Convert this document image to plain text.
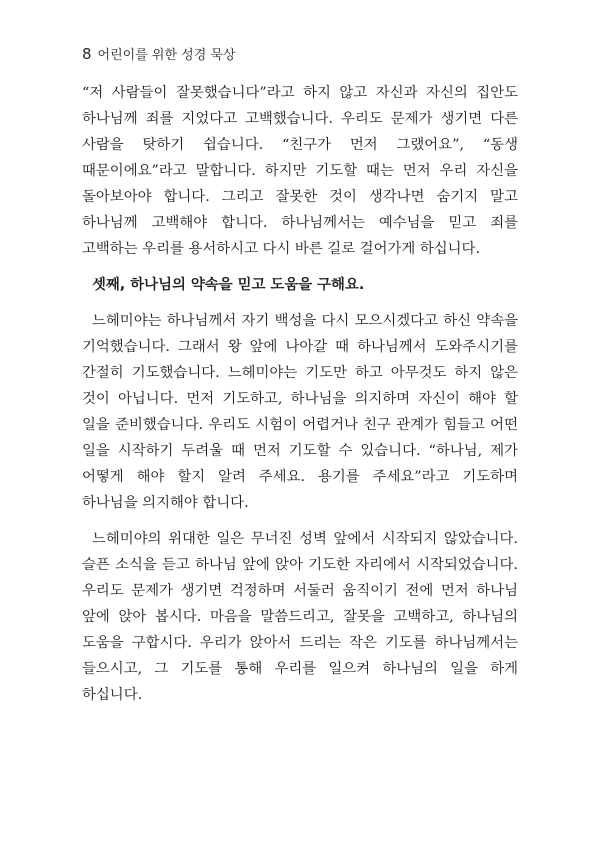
8 어린이를 위한 성경 묵상

“저 사람들이 잘못했습니다”라고 하지 않고 자신과 자신의 집안도 하나님께 죄를 지었다고 고백했습니다. 우리도 문제가 생기면 다른 사람을 탓하기 쉽습니다. “친구가 먼저 그랬어요”, “동생 때문이에요”라고 말합니다. 하지만 기도할 때는 먼저 우리 자신을 돌아보아야 합니다. 그리고 잘못한 것이 생각나면 숨기지 말고 하나님께 고백해야 합니다. 하나님께서는 예수님을 믿고 죄를 고백하는 우리를 용서하시고 다시 바른 길로 걸어가게 하십니다.

셋째, 하나님의 약속을 믿고 도움을 구해요.

느헤미야는 하나님께서 자기 백성을 다시 모으시겠다고 하신 약속을 기억했습니다. 그래서 왕 앞에 나아갈 때 하나님께서 도와주시기를 간절히 기도했습니다. 느헤미야는 기도만 하고 아무것도 하지 않은 것이 아닙니다. 먼저 기도하고, 하나님을 의지하며 자신이 해야 할 일을 준비했습니다. 우리도 시험이 어렵거나 친구 관계가 힘들고 어떤 일을 시작하기 두려울 때 먼저 기도할 수 있습니다. “하나님, 제가 어떻게 해야 할지 알려 주세요. 용기를 주세요”라고 기도하며 하나님을 의지해야 합니다.

느헤미야의 위대한 일은 무너진 성벽 앞에서 시작되지 않았습니다. 슬픈 소식을 듣고 하나님 앞에 앉아 기도한 자리에서 시작되었습니다. 우리도 문제가 생기면 걱정하며 서둘러 움직이기 전에 먼저 하나님 앞에 앉아 봅시다. 마음을 말씀드리고, 잘못을 고백하고, 하나님의 도움을 구합시다. 우리가 앉아서 드리는 작은 기도를 하나님께서는 들으시고, 그 기도를 통해 우리를 일으켜 하나님의 일을 하게 하십니다.
